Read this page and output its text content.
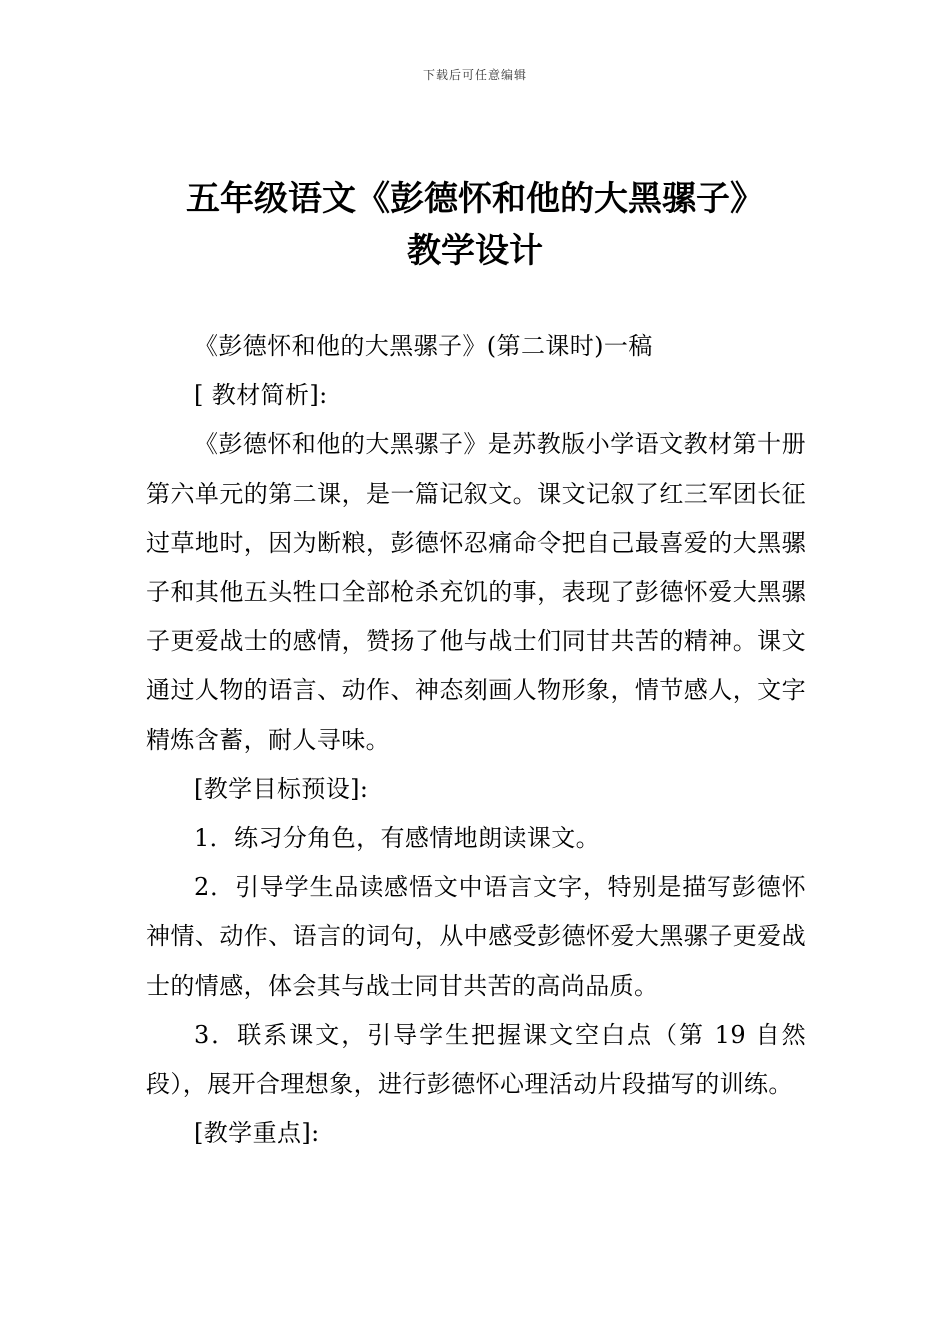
下载后可任意编辑
五年级语文《彭德怀和他的大黑骡子》
教学设计

《彭德怀和他的大黑骡子》(第二课时)一稿

[ 教材简析]:

《彭德怀和他的大黑骡子》是苏教版小学语文教材第十册第六单元的第二课，是一篇记叙文。课文记叙了红三军团长征过草地时，因为断粮，彭德怀忍痛命令把自己最喜爱的大黑骡子和其他五头牲口全部枪杀充饥的事，表现了彭德怀爱大黑骡子更爱战士的感情，赞扬了他与战士们同甘共苦的精神。课文通过人物的语言、动作、神态刻画人物形象，情节感人，文字精炼含蓄，耐人寻味。

[教学目标预设]:

1．练习分角色，有感情地朗读课文。

2．引导学生品读感悟文中语言文字，特别是描写彭德怀神情、动作、语言的词句，从中感受彭德怀爱大黑骡子更爱战士的情感，体会其与战士同甘共苦的高尚品质。

3．联系课文，引导学生把握课文空白点（第 19 自然段），展开合理想象，进行彭德怀心理活动片段描写的训练。

[教学重点]:
